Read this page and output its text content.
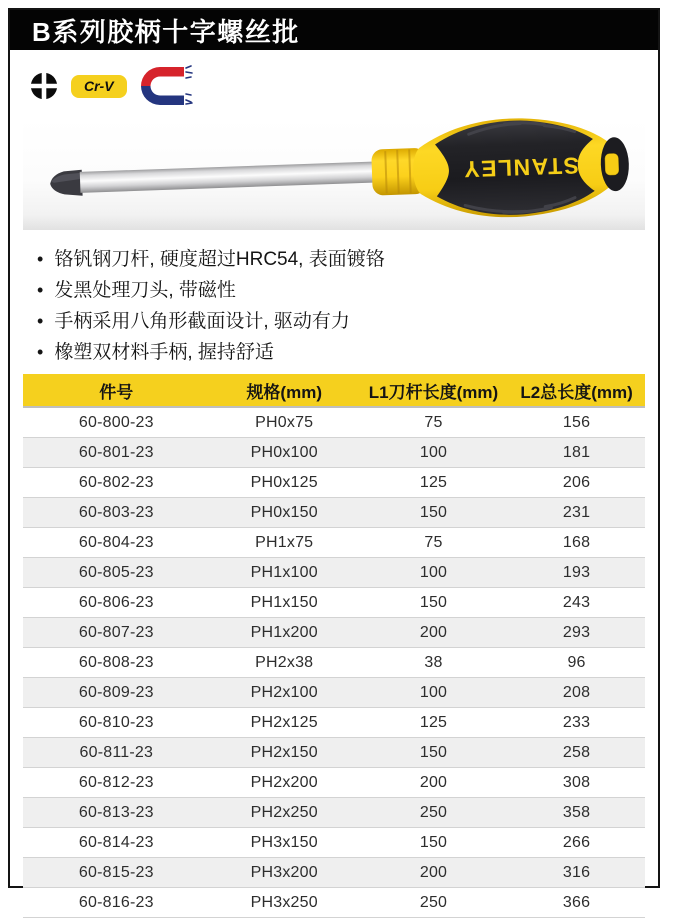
B系列胶柄十字螺丝批
Cr-V
STANLEY
• 铬钒钢刀杆, 硬度超过HRC54, 表面镀铬
• 发黑处理刀头, 带磁性
• 手柄采用八角形截面设计, 驱动有力
• 橡塑双材料手柄, 握持舒适
件号	规格(mm)	L1刀杆长度(mm)	L2总长度(mm)
60-800-23	PH0x75	75	156
60-801-23	PH0x100	100	181
60-802-23	PH0x125	125	206
60-803-23	PH0x150	150	231
60-804-23	PH1x75	75	168
60-805-23	PH1x100	100	193
60-806-23	PH1x150	150	243
60-807-23	PH1x200	200	293
60-808-23	PH2x38	38	96
60-809-23	PH2x100	100	208
60-810-23	PH2x125	125	233
60-811-23	PH2x150	150	258
60-812-23	PH2x200	200	308
60-813-23	PH2x250	250	358
60-814-23	PH3x150	150	266
60-815-23	PH3x200	200	316
60-816-23	PH3x250	250	366
